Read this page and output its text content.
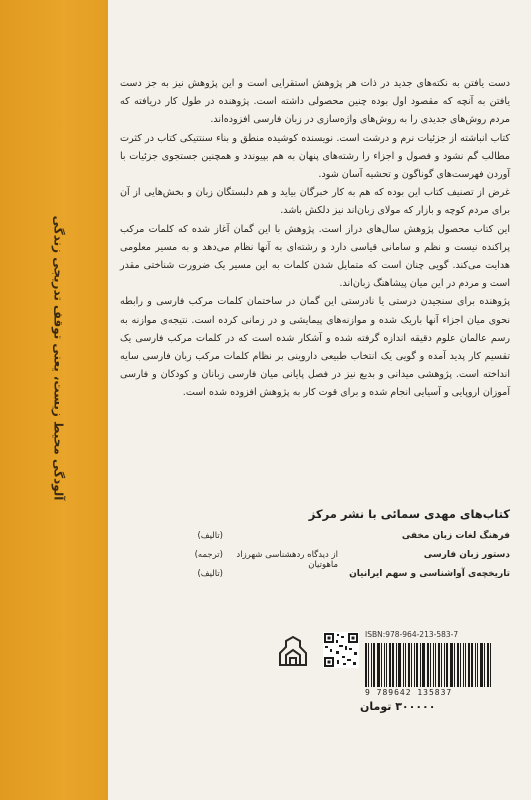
آلودگی محیط زیست، یعنی توقف تدریجی زندگی

دست یافتن به نکته‌های جدید در ذات هر پژوهش استقرایی است و این پژوهش نیز به جز دست یافتن به آنچه که مقصود اول بوده چنین محصولی داشته است. پژوهنده در طول کار دریافته که مردم روش‌های جدیدی را به روش‌های واژه‌سازی در زبان فارسی افزوده‌اند.

کتاب انباشته از جزئیات نرم و درشت است. نویسنده کوشیده منطق و بناء سنتتیکی کتاب در کثرت مطالب گم نشود و فصول و اجزاء را رشته‌های پنهان به هم بپیوندد و همچنین جستجوی جزئیات با آوردن فهرست‌های گوناگون و تحشیه آسان شود.

غرض از تصنیف کتاب این بوده که هم به کار خبرگان بیاید و هم دلبستگان زبان و بخش‌هایی از آن برای مردم کوچه و بازار که مولای زبان‌اند نیز دلکش باشد.

این کتاب محصول پژوهش سال‌های دراز است. پژوهش با این گمان آغاز شده که کلمات مرکب پراکنده نیست و نظم و سامانی قیاسی دارد و رشته‌ای به آنها نظام می‌دهد و به مسیر معلومی هدایت می‌کند. گویی چنان است که متمایل شدن کلمات به این مسیر یک ضرورت شناختی مقدر است و مردم در این میان پیشاهنگ زبان‌اند.

پژوهنده برای سنجیدن درستی یا نادرستی این گمان در ساختمان کلمات مرکب فارسی و رابطه نحوی میان اجزاء آنها باریک شده و موازنه‌های پیمایشی و در زمانی کرده است. نتیجه‌ی موازنه به رسم عالمان علوم دقیقه اندازه گرفته شده و آشکار شده است که در کلمات مرکب فارسی یک تقسیم کار پدید آمده و گویی یک انتخاب طبیعی داروینی بر نظام کلمات مرکب زبان فارسی سایه انداخته است. پژوهشی میدانی و بدیع نیز در فصل پایانی میان فارسی زبانان و کودکان و فارسی آموزان اروپایی و آسیایی انجام شده و برای قوت کار به پژوهش افزوده شده است.

کتاب‌های مهدی سمائی با نشر مرکز
فرهنگ لغات زبان مخفی
(تالیف)
دستور زبان فارسی
از دیدگاه ردهشناسی شهرزاد ماهوتیان
(ترجمه)
تاریخچه‌ی آواشناسی و سهم ایرانیان
(تالیف)
ISBN:978-964-213-583-7
9 789642 135837
۳۰۰۰۰۰ تومان
